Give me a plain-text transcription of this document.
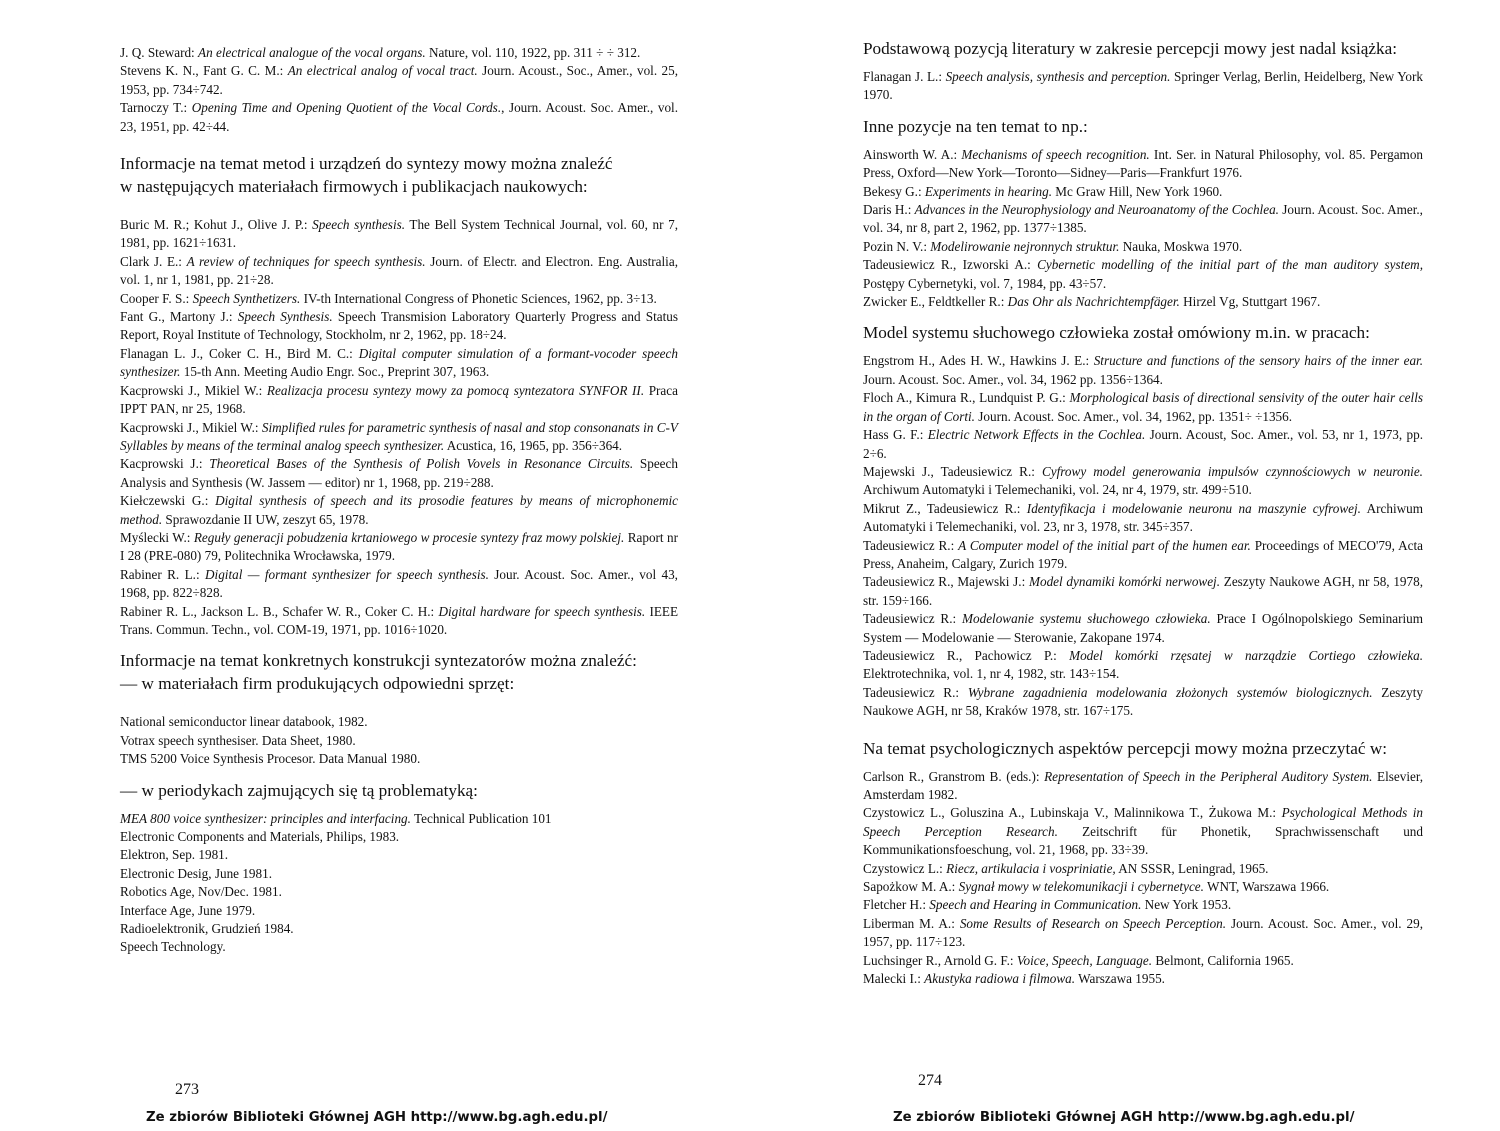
J. Q. Steward: An electrical analogue of the vocal organs. Nature, vol. 110, 1922, pp. 311 ÷ ÷ 312.

Stevens K. N., Fant G. C. M.: An electrical analog of vocal tract. Journ. Acoust., Soc., Amer., vol. 25, 1953, pp. 734÷742.

Tarnoczy T.: Opening Time and Opening Quotient of the Vocal Cords., Journ. Acoust. Soc. Amer., vol. 23, 1951, pp. 42÷44.

Informacje na temat metod i urządzeń do syntezy mowy można znaleźć
w następujących materiałach firmowych i publikacjach naukowych:

Buric M. R.; Kohut J., Olive J. P.: Speech synthesis. The Bell System Technical Journal, vol. 60, nr 7, 1981, pp. 1621÷1631.

Clark J. E.: A review of techniques for speech synthesis. Journ. of Electr. and Electron. Eng. Australia, vol. 1, nr 1, 1981, pp. 21÷28.

Cooper F. S.: Speech Synthetizers. IV-th International Congress of Phonetic Sciences, 1962, pp. 3÷13.

Fant G., Martony J.: Speech Synthesis. Speech Transmision Laboratory Quarterly Progress and Status Report, Royal Institute of Technology, Stockholm, nr 2, 1962, pp. 18÷24.

Flanagan L. J., Coker C. H., Bird M. C.: Digital computer simulation of a formant-vocoder speech synthesizer. 15-th Ann. Meeting Audio Engr. Soc., Preprint 307, 1963.

Kacprowski J., Mikiel W.: Realizacja procesu syntezy mowy za pomocą syntezatora SYNFOR II. Praca IPPT PAN, nr 25, 1968.

Kacprowski J., Mikiel W.: Simplified rules for parametric synthesis of nasal and stop consonanats in C-V Syllables by means of the terminal analog speech synthesizer. Acustica, 16, 1965, pp. 356÷364.

Kacprowski J.: Theoretical Bases of the Synthesis of Polish Vovels in Resonance Circuits. Speech Analysis and Synthesis (W. Jassem — editor) nr 1, 1968, pp. 219÷288.

Kiełczewski G.: Digital synthesis of speech and its prosodie features by means of microphonemic method. Sprawozdanie II UW, zeszyt 65, 1978.

Myślecki W.: Reguły generacji pobudzenia krtaniowego w procesie syntezy fraz mowy polskiej. Raport nr I 28 (PRE-080) 79, Politechnika Wrocławska, 1979.

Rabiner R. L.: Digital — formant synthesizer for speech synthesis. Jour. Acoust. Soc. Amer., vol 43, 1968, pp. 822÷828.

Rabiner R. L., Jackson L. B., Schafer W. R., Coker C. H.: Digital hardware for speech synthesis. IEEE Trans. Commun. Techn., vol. COM-19, 1971, pp. 1016÷1020.

Informacje na temat konkretnych konstrukcji syntezatorów można znaleźć:
— w materiałach firm produkujących odpowiedni sprzęt:

National semiconductor linear databook, 1982.

Votrax speech synthesiser. Data Sheet, 1980.

TMS 5200 Voice Synthesis Procesor. Data Manual 1980.

— w periodykach zajmujących się tą problematyką:

MEA 800 voice synthesizer: principles and interfacing. Technical Publication 101

Electronic Components and Materials, Philips, 1983.

Elektron, Sep. 1981.

Electronic Desig, June 1981.

Robotics Age, Nov/Dec. 1981.

Interface Age, June 1979.

Radioelektronik, Grudzień 1984.

Speech Technology.

273
Ze zbiorów Biblioteki Głównej AGH http://www.bg.agh.edu.pl/
Podstawową pozycją literatury w zakresie percepcji mowy jest nadal książka:

Flanagan J. L.: Speech analysis, synthesis and perception. Springer Verlag, Berlin, Heidelberg, New York 1970.

Inne pozycje na ten temat to np.:

Ainsworth W. A.: Mechanisms of speech recognition. Int. Ser. in Natural Philosophy, vol. 85. Pergamon Press, Oxford—New York—Toronto—Sidney—Paris—Frankfurt 1976.

Bekesy G.: Experiments in hearing. Mc Graw Hill, New York 1960.

Daris H.: Advances in the Neurophysiology and Neuroanatomy of the Cochlea. Journ. Acoust. Soc. Amer., vol. 34, nr 8, part 2, 1962, pp. 1377÷1385.

Pozin N. V.: Modelirowanie nejronnych struktur. Nauka, Moskwa 1970.

Tadeusiewicz R., Izworski A.: Cybernetic modelling of the initial part of the man auditory system, Postępy Cybernetyki, vol. 7, 1984, pp. 43÷57.

Zwicker E., Feldtkeller R.: Das Ohr als Nachrichtempfäger. Hirzel Vg, Stuttgart 1967.

Model systemu słuchowego człowieka został omówiony m.in. w pracach:

Engstrom H., Ades H. W., Hawkins J. E.: Structure and functions of the sensory hairs of the inner ear. Journ. Acoust. Soc. Amer., vol. 34, 1962 pp. 1356÷1364.

Floch A., Kimura R., Lundquist P. G.: Morphological basis of directional sensivity of the outer hair cells in the organ of Corti. Journ. Acoust. Soc. Amer., vol. 34, 1962, pp. 1351÷ ÷1356.

Hass G. F.: Electric Network Effects in the Cochlea. Journ. Acoust, Soc. Amer., vol. 53, nr 1, 1973, pp. 2÷6.

Majewski J., Tadeusiewicz R.: Cyfrowy model generowania impulsów czynnościowych w neuronie. Archiwum Automatyki i Telemechaniki, vol. 24, nr 4, 1979, str. 499÷510.

Mikrut Z., Tadeusiewicz R.: Identyfikacja i modelowanie neuronu na maszynie cyfrowej. Archiwum Automatyki i Telemechaniki, vol. 23, nr 3, 1978, str. 345÷357.

Tadeusiewicz R.: A Computer model of the initial part of the humen ear. Proceedings of MECO'79, Acta Press, Anaheim, Calgary, Zurich 1979.

Tadeusiewicz R., Majewski J.: Model dynamiki komórki nerwowej. Zeszyty Naukowe AGH, nr 58, 1978, str. 159÷166.

Tadeusiewicz R.: Modelowanie systemu słuchowego człowieka. Prace I Ogólnopolskiego Seminarium System — Modelowanie — Sterowanie, Zakopane 1974.

Tadeusiewicz R., Pachowicz P.: Model komórki rzęsatej w narządzie Cortiego człowieka. Elektrotechnika, vol. 1, nr 4, 1982, str. 143÷154.

Tadeusiewicz R.: Wybrane zagadnienia modelowania złożonych systemów biologicznych. Zeszyty Naukowe AGH, nr 58, Kraków 1978, str. 167÷175.

Na temat psychologicznych aspektów percepcji mowy można przeczytać w:

Carlson R., Granstrom B. (eds.): Representation of Speech in the Peripheral Auditory System. Elsevier, Amsterdam 1982.

Czystowicz L., Goluszina A., Lubinskaja V., Malinnikowa T., Żukowa M.: Psychological Methods in Speech Perception Research. Zeitschrift für Phonetik, Sprachwissenschaft und Kommunikationsfoeschung, vol. 21, 1968, pp. 33÷39.

Czystowicz L.: Riecz, artikulacia i vospriniatie, AN SSSR, Leningrad, 1965.

Sapożkow M. A.: Sygnał mowy w telekomunikacji i cybernetyce. WNT, Warszawa 1966.

Fletcher H.: Speech and Hearing in Communication. New York 1953.

Liberman M. A.: Some Results of Research on Speech Perception. Journ. Acoust. Soc. Amer., vol. 29, 1957, pp. 117÷123.

Luchsinger R., Arnold G. F.: Voice, Speech, Language. Belmont, California 1965.

Malecki I.: Akustyka radiowa i filmowa. Warszawa 1955.

274
Ze zbiorów Biblioteki Głównej AGH http://www.bg.agh.edu.pl/
